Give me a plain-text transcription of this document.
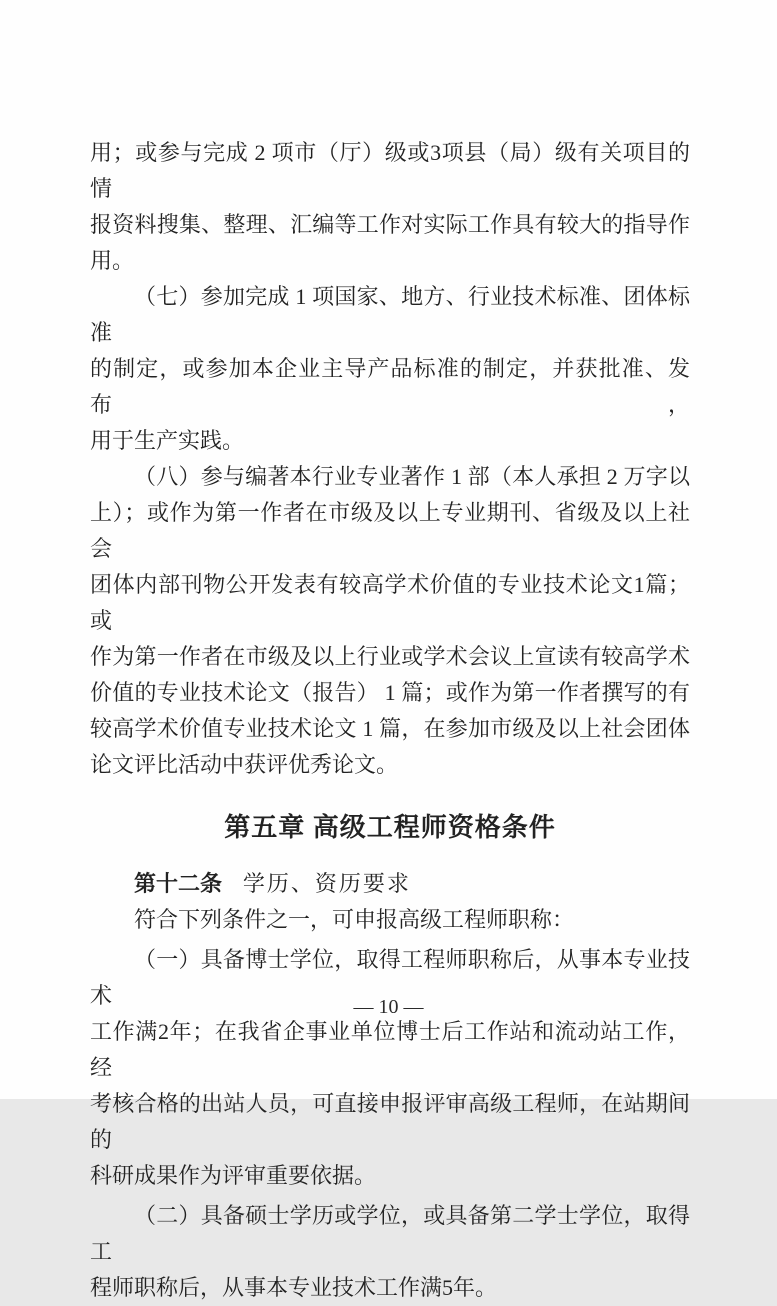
用；或参与完成 2 项市（厅）级或3项县（局）级有关项目的情
报资料搜集、整理、汇编等工作对实际工作具有较大的指导作用。
（七）参加完成 1 项国家、地方、行业技术标准、团体标准
的制定，或参加本企业主导产品标准的制定，并获批准、发布，
用于生产实践。
（八）参与编著本行业专业著作 1 部（本人承担 2 万字以
上）；或作为第一作者在市级及以上专业期刊、省级及以上社会
团体内部刊物公开发表有较高学术价值的专业技术论文1篇；或
作为第一作者在市级及以上行业或学术会议上宣读有较高学术
价值的专业技术论文（报告） 1 篇；或作为第一作者撰写的有
较高学术价值专业技术论文 1 篇，在参加市级及以上社会团体
论文评比活动中获评优秀论文。
第五章 高级工程师资格条件
第十二条 学历、资历要求
符合下列条件之一，可申报高级工程师职称：
（一）具备博士学位，取得工程师职称后，从事本专业技术
工作满2年；在我省企事业单位博士后工作站和流动站工作，经
考核合格的出站人员，可直接申报评审高级工程师，在站期间的
科研成果作为评审重要依据。
（二）具备硕士学历或学位，或具备第二学士学位，取得工
程师职称后，从事本专业技术工作满5年。
— 10 —
